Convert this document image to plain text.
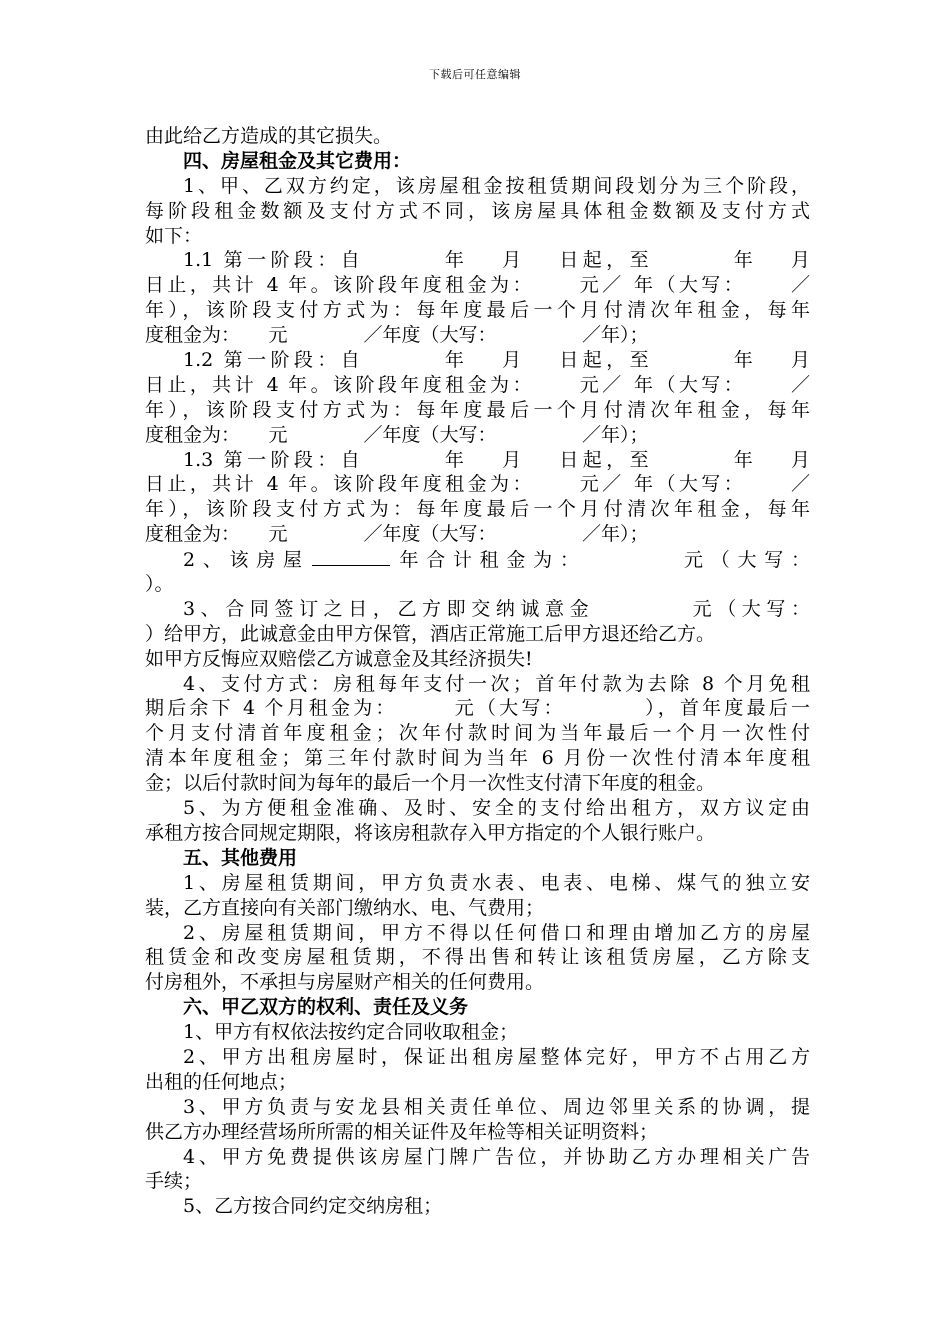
下载后可任意编辑
由此给乙方造成的其它损失。
四、房屋租金及其它费用：
1、甲、乙双方约定，该房屋租金按租赁期间段划分为三个阶段，
每阶段租金数额及支付方式不同，该房屋具体租金数额及支付方式
如下：
1.1 第一阶段：自　　　 年　 月　 日起，至　　　 年　 月
日止，共计 4 年。该阶段年度租金为：　　 元／ 年（大写：　　 ／
年），该阶段支付方式为：每年度最后一个月付清次年租金，每年
度租金为：　　元　　　　／年度（大写：　　　　　／年）；
1.2 第一阶段：自　　　 年　 月　 日起，至　　　 年　 月
日止，共计 4 年。该阶段年度租金为：　　 元／ 年（大写：　　 ／
年），该阶段支付方式为：每年度最后一个月付清次年租金，每年
度租金为：　　元　　　　／年度（大写：　　　　　／年）；
1.3 第一阶段：自　　　 年　 月　 日起，至　　　 年　 月
日止，共计 4 年。该阶段年度租金为：　　 元／ 年（大写：　　 ／
年），该阶段支付方式为：每年度最后一个月付清次年租金，每年
度租金为：　　元　　　　／年度（大写：　　　　　／年）；
2、该房屋	年合计租金为：　　　　	元（大写：
）。
3、合同签订之日，乙方即交纳诚意金　　　　元（大写：
）给甲方，此诚意金由甲方保管，酒店正常施工后甲方退还给乙方。
如甲方反悔应双赔偿乙方诚意金及其经济损失!
4、支付方式：房租每年支付一次；首年付款为去除 8 个月免租
期后余下 4 个月租金为：　　　元（大写：　　　　），首年度最后一
个月支付清首年度租金；次年付款时间为当年最后一个月一次性付
清本年度租金；第三年付款时间为当年 6 月份一次性付清本年度租
金；以后付款时间为每年的最后一个月一次性支付清下年度的租金。
5、为方便租金准确、及时、安全的支付给出租方，双方议定由
承租方按合同规定期限，将该房租款存入甲方指定的个人银行账户。
五、其他费用
1、房屋租赁期间，甲方负责水表、电表、电梯、煤气的独立安
装，乙方直接向有关部门缴纳水、电、气费用；
2、房屋租赁期间，甲方不得以任何借口和理由增加乙方的房屋
租赁金和改变房屋租赁期，不得出售和转让该租赁房屋，乙方除支
付房租外，不承担与房屋财产相关的任何费用。
六、甲乙双方的权利、责任及义务
1、甲方有权依法按约定合同收取租金；
2、甲方出租房屋时，保证出租房屋整体完好，甲方不占用乙方
出租的任何地点；
3、甲方负责与安龙县相关责任单位、周边邻里关系的协调，提
供乙方办理经营场所所需的相关证件及年检等相关证明资料；
4、甲方免费提供该房屋门牌广告位，并协助乙方办理相关广告
手续；
5、乙方按合同约定交纳房租；
